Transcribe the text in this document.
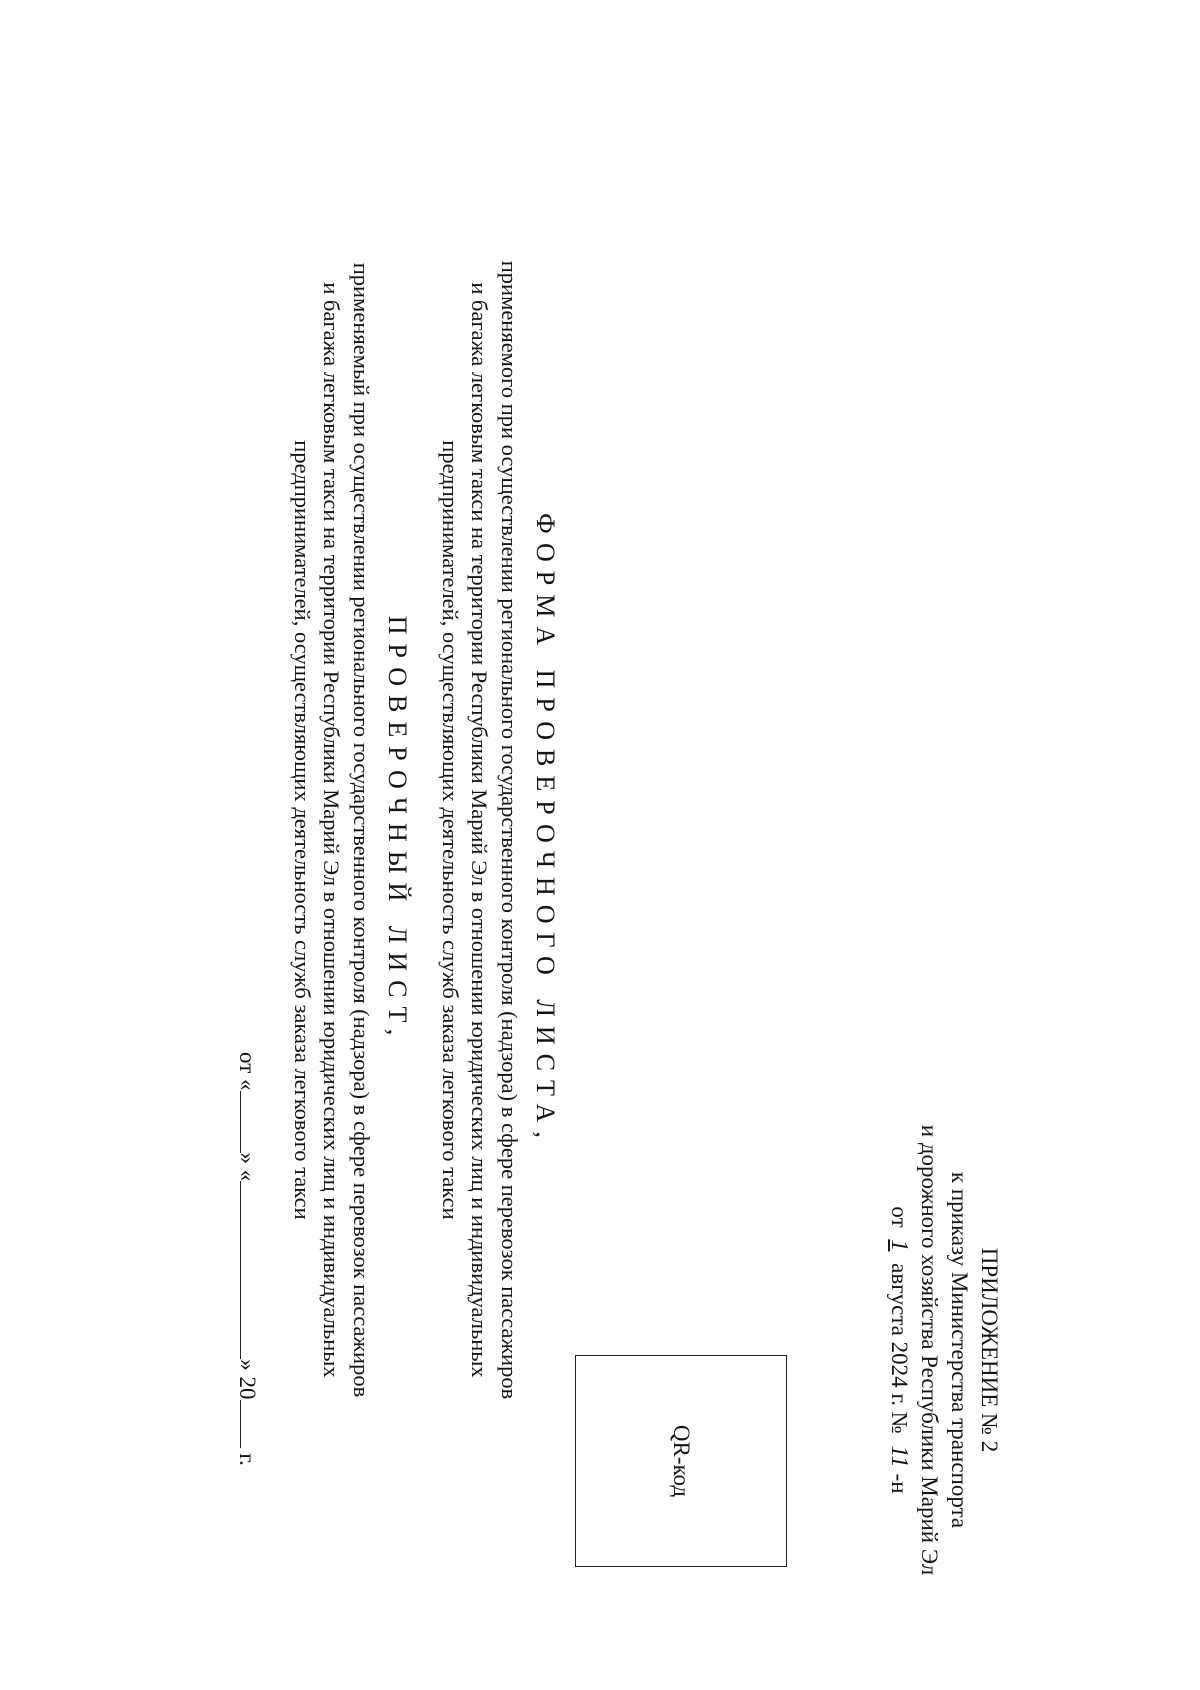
ПРИЛОЖЕНИЕ № 2
к приказу Министерства транспорта
и дорожного хозяйства Республики Марий Эл
от 1 августа 2024 г. № 11-н
QR-код
ФОРМА ПРОВЕРОЧНОГО ЛИСТА,
применяемого при осуществлении регионального государственного контроля (надзора) в сфере перевозок пассажиров
и багажа легковым такси на территории Республики Марий Эл в отношении юридических лиц и индивидуальных
предпринимателей, осуществляющих деятельность служб заказа легкового такси
ПРОВЕРОЧНЫЙ ЛИСТ,
применяемый при осуществлении регионального государственного контроля (надзора) в сфере перевозок пассажиров
и багажа легковым такси на территории Республики Марий Эл в отношении юридических лиц и индивидуальных
предпринимателей, осуществляющих деятельность служб заказа легкового такси
от «» «» 20 г.
